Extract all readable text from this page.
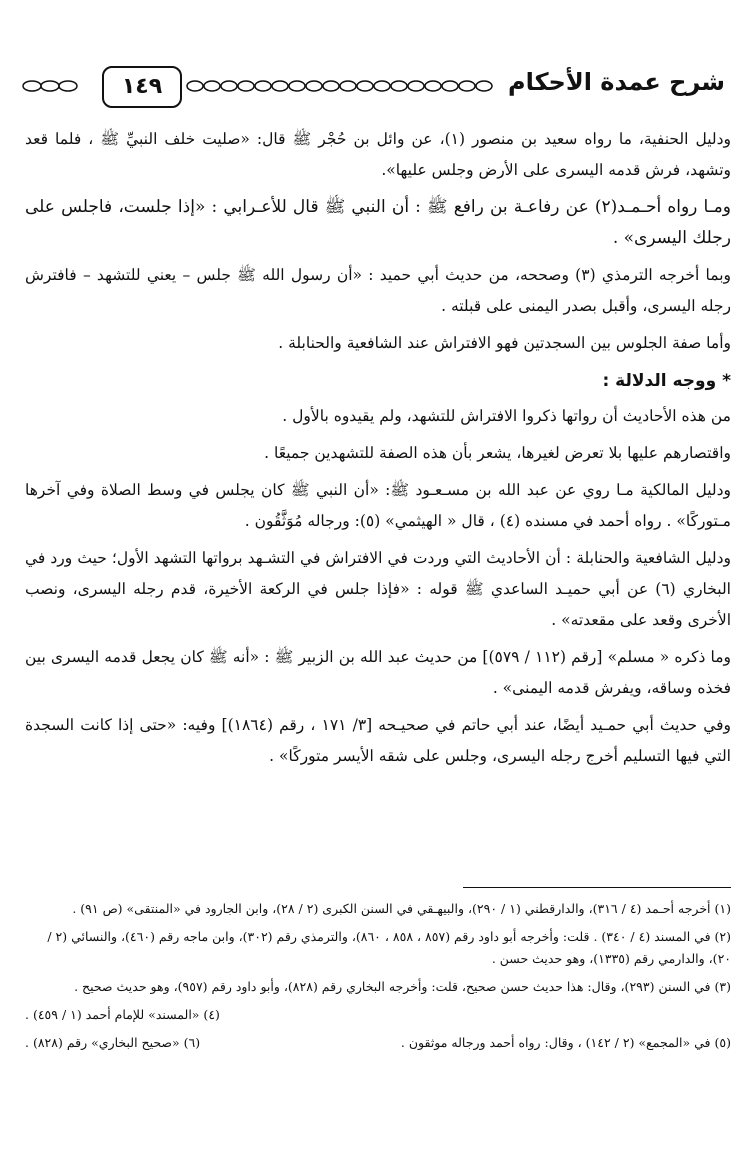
شرح عمدة الأحكام
١٤٩

ودليل الحنفية، ما رواه سعيد بن منصور (١)، عن وائل بن حُجْر ﷺ قال: «صليت خلف النبيِّ ﷺ ، فلما قعد وتشهد، فرش قدمه اليسرى على الأرض وجلس عليها».

ومـا رواه أحـمـد(٢) عن رفاعـة بن رافع ﷺ : أن النبي ﷺ قال للأعـرابي : «إذا جلست، فاجلس على رجلك اليسرى» .

وبما أخرجه الترمذي (٣) وصححه، من حديث أبي حميد : «أن رسول الله ﷺ جلس – يعني للتشهد – فافترش رجله اليسرى، وأقبل بصدر اليمنى على قبلته .

وأما صفة الجلوس بين السجدتين فهو الافتراش عند الشافعية والحنابلة .

* ووجه الدلالة :

من هذه الأحاديث أن رواتها ذكروا الافتراش للتشهد، ولم يقيدوه بالأول .

واقتصارهم عليها بلا تعرض لغيرها، يشعر بأن هذه الصفة للتشهدين جميعًا .

ودليل المالكية مـا روي عن عبد الله بن مسـعـود ﷺ: «أن النبي ﷺ كان يجلس في وسط الصلاة وفي آخرها مـتوركًا» . رواه أحمد في مسنده (٤) ، قال « الهيثمي» (٥): ورجاله مُوَثَّقُون .

ودليل الشافعية والحنابلة : أن الأحاديث التي وردت في الافتراش في التشـهد برواتها التشهد الأول؛ حيث ورد في البخاري (٦) عن أبي حميـد الساعدي ﷺ قوله : «فإذا جلس في الركعة الأخيرة، قدم رجله اليسرى، ونصب الأخرى وقعد على مقعدته» .

وما ذكره « مسلم» [رقم (١١٢ / ٥٧٩)] من حديث عبد الله بن الزبير ﷺ : «أنه ﷺ كان يجعل قدمه اليسرى بين فخذه وساقه، ويفرش قدمه اليمنى» .

وفي حديث أبي حمـيد أيضًا، عند أبي حاتم في صحيـحه [٣/ ١٧١ ، رقم (١٨٦٤)] وفيه: «حتى إذا كانت السجدة التي فيها التسليم أخرج رجله اليسرى، وجلس على شقه الأيسر متوركًا» .

(١) أخرجه أحـمد (٤ / ٣١٦)، والدارقطني (١ / ٢٩٠)، والبيهـقي في السنن الكبرى (٢ / ٢٨)، وابن الجارود في «المنتقى» (ص ٩١) .

(٢) في المسند (٤ / ٣٤٠) . قلت: وأخرجه أبو داود رقم (٨٥٧ ، ٨٥٨ ، ٨٦٠)، والترمذي رقم (٣٠٢)، وابن ماجه رقم (٤٦٠)، والنسائي (٢ / ٢٠)، والدارمي رقم (١٣٣٥)، وهو حديث حسن .

(٣) في السنن (٢٩٣)، وقال: هذا حديث حسن صحيح، قلت: وأخرجه البخاري رقم (٨٢٨)، وأبو داود رقم (٩٥٧)، وهو حديث صحيح .

(٤) «المسند» للإمام أحمد (١ / ٤٥٩) .
(٥) في «المجمع» (٢ / ١٤٢) ، وقال: رواه أحمد ورجاله موثقون .
(٦) «صحيح البخاري» رقم (٨٢٨) .
